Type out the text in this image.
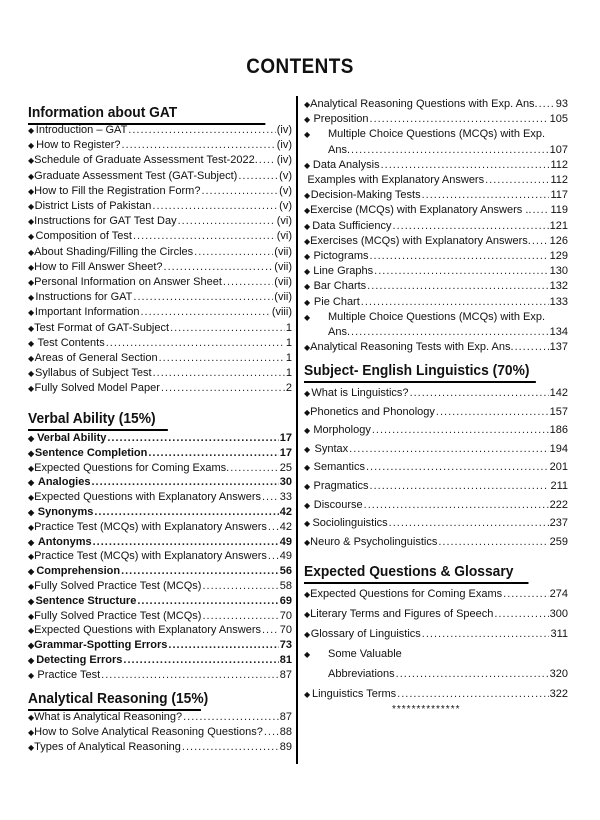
CONTENTS
Information about GAT
◆ Introduction – GAT .....	(iv)
◆ How to Register? .....	(iv)
◆ Schedule of Graduate Assessment Test-2022. ..... (iv)
◆ Graduate Assessment Test (GAT-Subject) .....	(v)
◆ How to Fill the Registration Form? .....	(v)
◆ District Lists of Pakistan .....	(v)
◆ Instructions for GAT Test Day .....	(vi)
◆ Composition of Test .....	(vi)
◆ About Shading/Filling the Circles .....	(vii)
◆ How to Fill Answer Sheet? .....	(vii)
◆ Personal Information on Answer Sheet .....	(vii)
◆ Instructions for GAT .....	(vii)
◆ Important Information .....	(viii)
◆ Test Format of GAT-Subject .....	1
◆ Test Contents .....	1
◆ Areas of General Section .....	1
◆ Syllabus of Subject Test .....	1
◆ Fully Solved Model Paper .....	2
Verbal Ability (15%)
◆ Verbal Ability .....	17
◆ Sentence Completion .....	17
◆ Expected Questions for Coming Exams. .....	25
◆ Analogies .....	30
◆ Expected Questions with Explanatory Answers ..... 33
◆ Synonyms .....	42
◆ Practice Test (MCQs) with Explanatory Answers ..... 42
◆ Antonyms .....	49
◆ Practice Test (MCQs) with Explanatory Answers ..... 49
◆ Comprehension .....	56
◆ Fully Solved Practice Test (MCQs) .....	58
◆ Sentence Structure .....	69
◆ Fully Solved Practice Test (MCQs) .....	70
◆ Expected Questions with Explanatory Answers ..... 70
◆ Grammar-Spotting Errors .....	73
◆ Detecting Errors .....	81
◆ Practice Test .....	87
Analytical Reasoning (15%)
◆ What is Analytical Reasoning? .....	87
◆ How to Solve Analytical Reasoning Questions? ..... 88
◆ Types of Analytical Reasoning .....	89
◆ Analytical Reasoning Questions with Exp. Ans. ..... 93
◆ Preposition .....	105
◆	Multiple Choice Questions (MCQs) with Exp.
Ans. .....	107
◆ Data Analysis .....	112
Examples with Explanatory Answers .....	112
◆ Decision-Making Tests .....	117
◆ Exercise (MCQs) with Explanatory Answers .. ..... 119
◆ Data Sufficiency .....	121
◆ Exercises (MCQs) with Explanatory Answers. ..... 126
◆ Pictograms .....	129
◆ Line Graphs .....	130
◆ Bar Charts .....	132
◆ Pie Chart .....	133
◆	Multiple Choice Questions (MCQs) with Exp.
Ans. .....	134
◆ Analytical Reasoning Tests with Exp. Ans. .....	137
Subject- English Linguistics (70%)
◆ What is Linguistics? .....	142
◆ Phonetics and Phonology .....	157
◆ Morphology .....	186
◆ Syntax .....	194
◆ Semantics .....	201
◆ Pragmatics .....	211
◆ Discourse .....	222
◆ Sociolinguistics .....	237
◆ Neuro & Psycholinguistics .....	259
Expected Questions & Glossary
◆ Expected Questions for Coming Exams .....	274
◆ Literary Terms and Figures of Speech .....	300
◆ Glossary of Linguistics .....	311
◆	Some Valuable
Abbreviations .....	320
◆ Linguistics Terms .....	322
**************
